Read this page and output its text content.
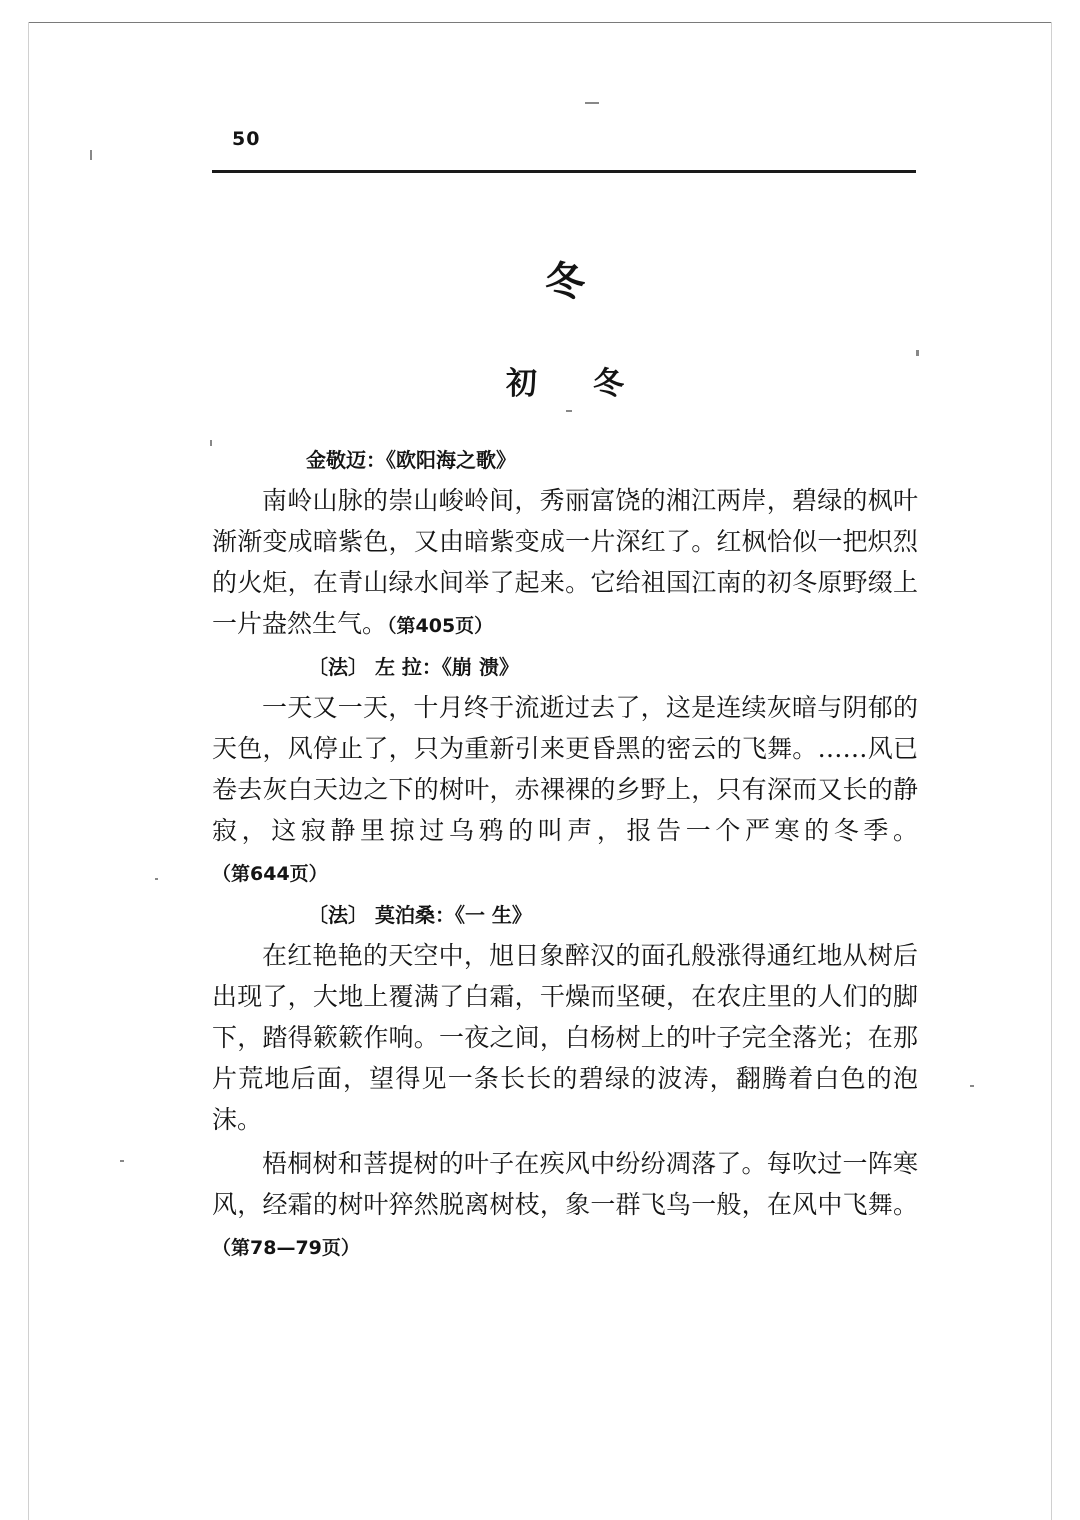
50
冬
初冬

金敬迈：《欧阳海之歌》

南岭山脉的崇山峻岭间，秀丽富饶的湘江两岸，碧绿的枫叶渐渐变成暗紫色，又由暗紫变成一片深红了。红枫恰似一把炽烈的火炬，在青山绿水间举了起来。它给祖国江南的初冬原野缀上一片盎然生气。（第405页）

〔法〕 左 拉：《崩 溃》

一天又一天，十月终于流逝过去了，这是连续灰暗与阴郁的天色，风停止了，只为重新引来更昏黑的密云的飞舞。……风已卷去灰白天边之下的树叶，赤裸裸的乡野上，只有深而又长的静寂，这寂静里掠过乌鸦的叫声，报告一个严寒的冬季。（第644页）

〔法〕 莫泊桑：《一 生》

在红艳艳的天空中，旭日象醉汉的面孔般涨得通红地从树后出现了，大地上覆满了白霜，干燥而坚硬，在农庄里的人们的脚下，踏得簌簌作响。一夜之间，白杨树上的叶子完全落光；在那片荒地后面，望得见一条长长的碧绿的波涛，翻腾着白色的泡沫。

梧桐树和菩提树的叶子在疾风中纷纷凋落了。每吹过一阵寒风，经霜的树叶猝然脱离树枝，象一群飞鸟一般，在风中飞舞。（第78—79页）
